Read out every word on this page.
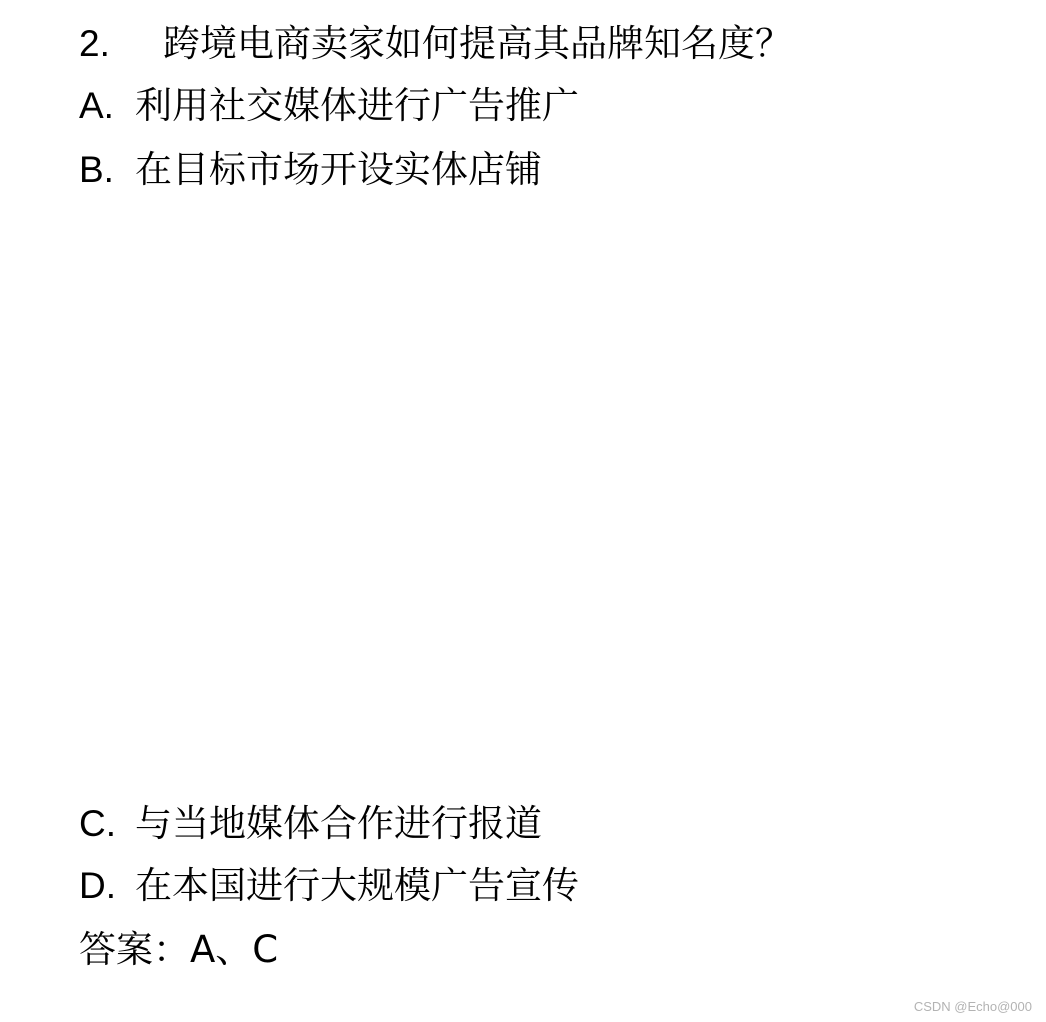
2. 跨境电商卖家如何提高其品牌知名度？
A. 利用社交媒体进行广告推广
B. 在目标市场开设实体店铺
C. 与当地媒体合作进行报道
D. 在本国进行大规模广告宣传
答案：A、C
CSDN @Echo@000
